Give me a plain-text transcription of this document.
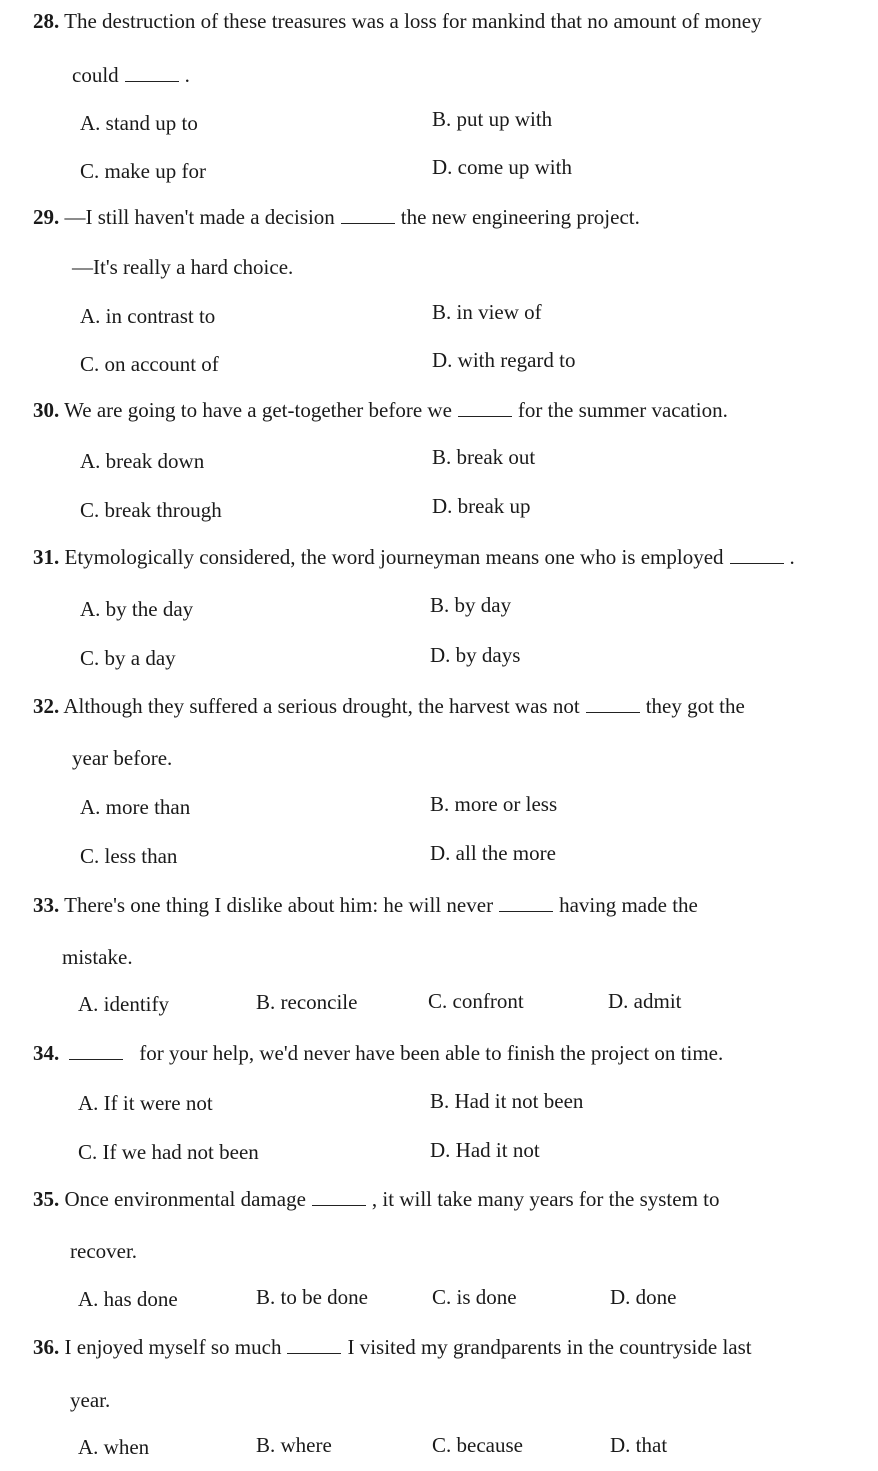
28. The destruction of these treasures was a loss for mankind that no amount of money
could	.
A. stand up to	B. put up with
C. make up for	D. come up with
29. —I still haven't made a decision	the new engineering project.
—It's really a hard choice.
A. in contrast to	B. in view of
C. on account of	D. with regard to
30. We are going to have a get-together before we	for the summer vacation.
A. break down	B. break out
C. break through	D. break up
31. Etymologically considered, the word journeyman means one who is employed	.
A. by the day	B. by day
C. by a day	D. by days
32. Although they suffered a serious drought, the harvest was not	they got the
year before.
A. more than	B. more or less
C. less than	D. all the more
33. There's one thing I dislike about him: he will never	having made the
mistake.
A. identify	B. reconcile	C. confront	D. admit
34.	for your help, we'd never have been able to finish the project on time.
A. If it were not	B. Had it not been
C. If we had not been	D. Had it not
35. Once environmental damage	, it will take many years for the system to
recover.
A. has done	B. to be done	C. is done	D. done
36. I enjoyed myself so much	I visited my grandparents in the countryside last
year.
A. when	B. where	C. because	D. that
